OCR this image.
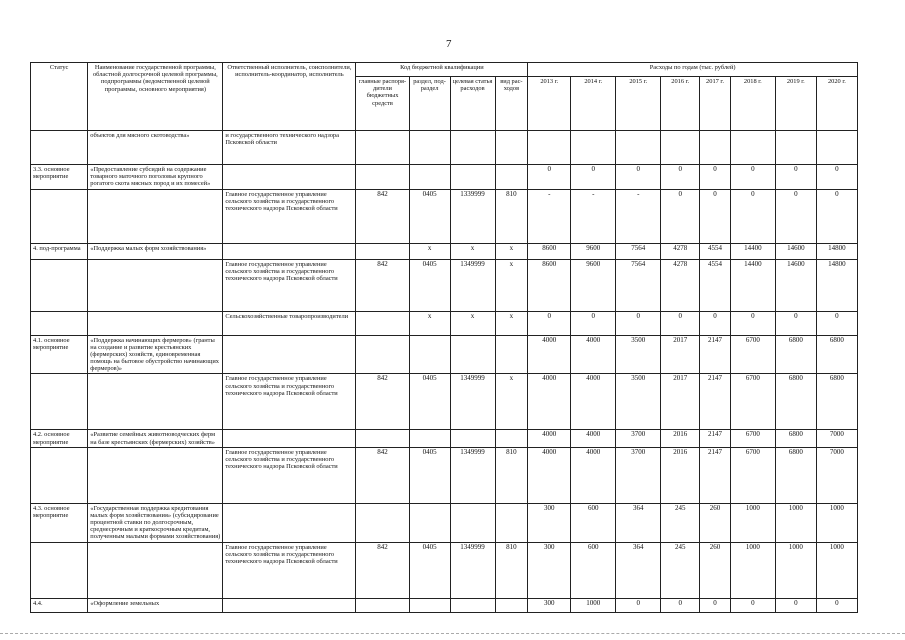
7
Статус	Наименование государственной программы, областной долгосрочной целевой программы, подпрограммы (ведомственной целевой программы, основного мероприятия)	Ответственный исполнитель, соисполнители, исполнитель-координатор, исполнитель	Код бюджетной квалификации				Расходы по годам (тыс. рублей)							
			главные распоря-дители бюджетных средств	раздел, под-раздел	целевая статья расходов	вид рас-ходов	2013 г.	2014 г.	2015 г.	2016 г.	2017 г.	2018 г.	2019 г.	2020 г.
	объектов для мясного скотоводства»	и государственного технического надзора Псковской области												
3.3. основное мероприятие	«Предоставление субсидий на содержание товарного маточного поголовья крупного рогатого скота мясных пород и их помесей»						0	0	0	0	0	0	0	0
		Главное государственное управление сельского хозяйства и государственного технического надзора Псковской области	842	0405	1339999	810	-	-	-	0	0	0	0	0
4. под-программа	«Поддержка малых форм хозяйствования»			x	x	x	8600	9600	7564	4278	4554	14400	14600	14800
		Главное государственное управление сельского хозяйства и государственного технического надзора Псковской области	842	0405	1349999	x	8600	9600	7564	4278	4554	14400	14600	14800
		Сельскохозяйственные товаропроизводители		x	x	x	0	0	0	0	0	0	0	0
4.1. основное мероприятие	«Поддержка начинающих фермеров» (гранты на создание и развитие крестьянских (фермерских) хозяйств, единовременная помощь на бытовое обустройство начинающих фермеров)»						4000	4000	3500	2017	2147	6700	6800	6800
		Главное государственное управление сельского хозяйства и государственного технического надзора Псковской области	842	0405	1349999	x	4000	4000	3500	2017	2147	6700	6800	6800
4.2. основное мероприятие	«Развитие семейных животноводческих ферм на базе крестьянских (фермерских) хозяйств»						4000	4000	3700	2016	2147	6700	6800	7000
		Главное государственное управление сельского хозяйства и государственного технического надзора Псковской области	842	0405	1349999	810	4000	4000	3700	2016	2147	6700	6800	7000
4.3. основное мероприятие	«Государственная поддержка кредитования малых форм хозяйствования» (субсидирование процентной ставки по долгосрочным, среднесрочным и краткосрочным кредитам, полученным малыми формами хозяйствования)						300	600	364	245	260	1000	1000	1000
		Главное государственное управление сельского хозяйства и государственного технического надзора Псковской области	842	0405	1349999	810	300	600	364	245	260	1000	1000	1000
4.4.	«Оформление земельных						300	1000	0	0	0	0	0	0
